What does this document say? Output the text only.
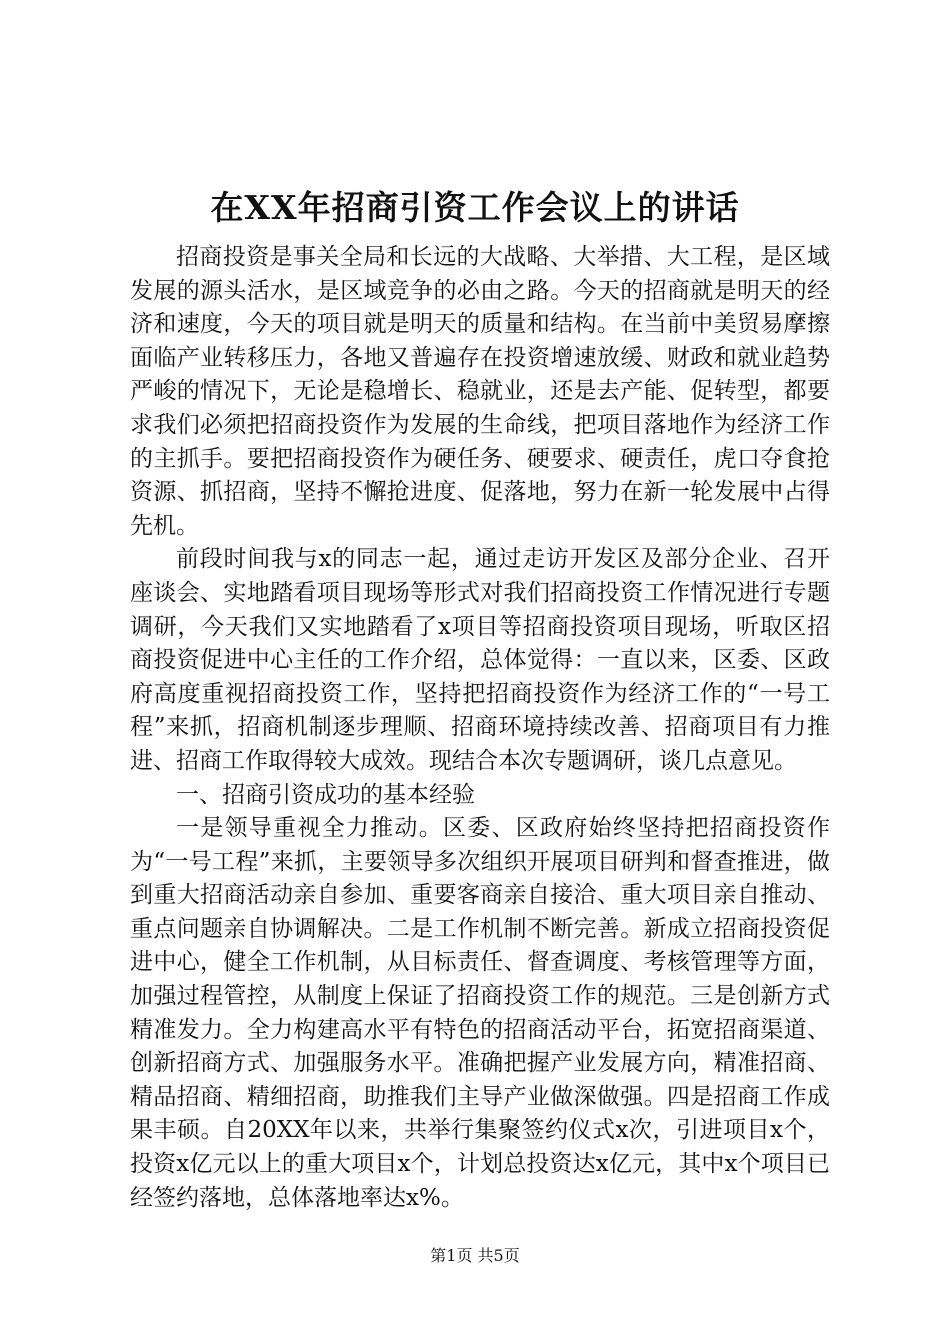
在XX年招商引资工作会议上的讲话

招商投资是事关全局和长远的大战略、大举措、大工程，是区域发展的源头活水，是区域竞争的必由之路。今天的招商就是明天的经济和速度，今天的项目就是明天的质量和结构。在当前中美贸易摩擦面临产业转移压力，各地又普遍存在投资增速放缓、财政和就业趋势严峻的情况下，无论是稳增长、稳就业，还是去产能、促转型，都要求我们必须把招商投资作为发展的生命线，把项目落地作为经济工作的主抓手。要把招商投资作为硬任务、硬要求、硬责任，虎口夺食抢资源、抓招商，坚持不懈抢进度、促落地，努力在新一轮发展中占得先机。

前段时间我与x的同志一起，通过走访开发区及部分企业、召开座谈会、实地踏看项目现场等形式对我们招商投资工作情况进行专题调研，今天我们又实地踏看了x项目等招商投资项目现场，听取区招商投资促进中心主任的工作介绍，总体觉得：一直以来，区委、区政府高度重视招商投资工作，坚持把招商投资作为经济工作的“一号工程”来抓，招商机制逐步理顺、招商环境持续改善、招商项目有力推进、招商工作取得较大成效。现结合本次专题调研，谈几点意见。

一、招商引资成功的基本经验

一是领导重视全力推动。区委、区政府始终坚持把招商投资作为“一号工程”来抓，主要领导多次组织开展项目研判和督查推进，做到重大招商活动亲自参加、重要客商亲自接洽、重大项目亲自推动、重点问题亲自协调解决。二是工作机制不断完善。新成立招商投资促进中心，健全工作机制，从目标责任、督查调度、考核管理等方面，加强过程管控，从制度上保证了招商投资工作的规范。三是创新方式精准发力。全力构建高水平有特色的招商活动平台，拓宽招商渠道、创新招商方式、加强服务水平。准确把握产业发展方向，精准招商、精品招商、精细招商，助推我们主导产业做深做强。四是招商工作成果丰硕。自20XX年以来，共举行集聚签约仪式x次，引进项目x个，投资x亿元以上的重大项目x个，计划总投资达x亿元，其中x个项目已经签约落地，总体落地率达x%。

第1页 共5页
